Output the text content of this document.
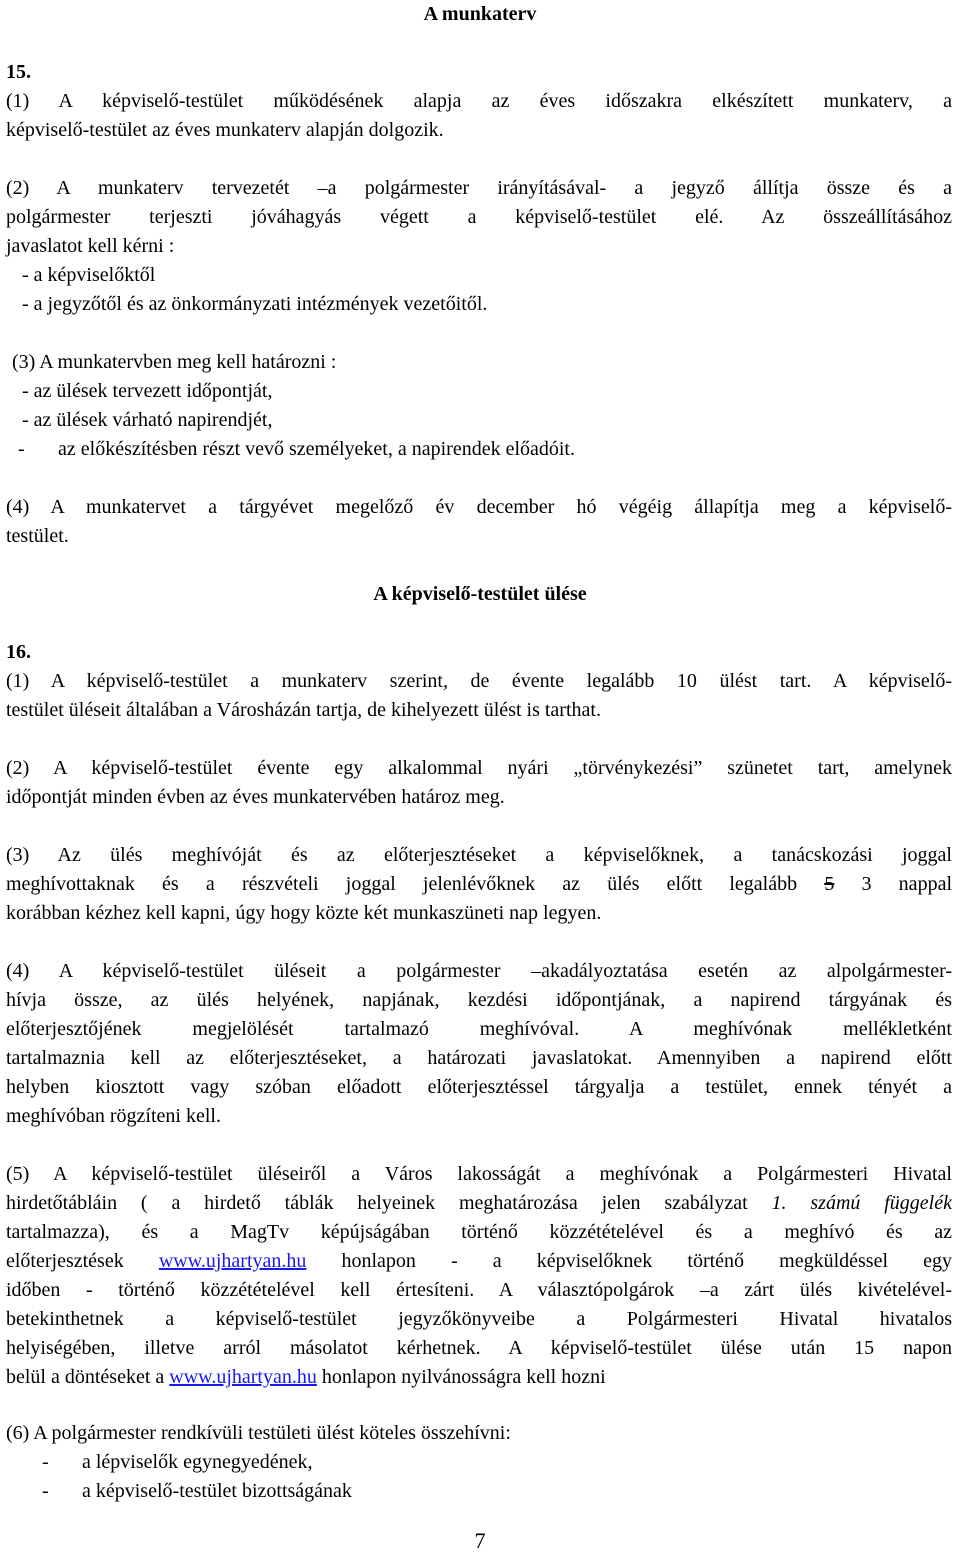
A munkaterv
15.
(1) A képviselő-testület működésének alapja az éves időszakra elkészített munkaterv, a
képviselő-testület az éves munkaterv alapján dolgozik.
(2) A munkaterv tervezetét –a polgármester irányításával- a jegyző állítja össze és a
polgármester terjeszti jóváhagyás végett a képviselő-testület elé. Az összeállításához
javaslatot kell kérni :
- a képviselőktől
- a jegyzőtől és az önkormányzati intézmények vezetőitől.
(3) A munkatervben meg kell határozni :
- az ülések tervezett időpontját,
- az ülések várható napirendjét,
- az előkészítésben részt vevő személyeket, a napirendek előadóit.
(4) A munkatervet a tárgyévet megelőző év december hó végéig állapítja meg a képviselő-
testület.
A képviselő-testület ülése
16.
(1) A képviselő-testület a munkaterv szerint, de évente legalább 10 ülést tart. A képviselő-
testület üléseit általában a Városházán tartja, de kihelyezett ülést is tarthat.
(2) A képviselő-testület évente egy alkalommal nyári „törvénykezési” szünetet tart, amelynek
időpontját minden évben az éves munkatervében határoz meg.
(3) Az ülés meghívóját és az előterjesztéseket a képviselőknek, a tanácskozási joggal
meghívottaknak és a részvételi joggal jelenlévőknek az ülés előtt legalább 5 3 nappal
korábban kézhez kell kapni, úgy hogy közte két munkaszüneti nap legyen.
(4) A képviselő-testület üléseit a polgármester –akadályoztatása esetén az alpolgármester-
hívja össze, az ülés helyének, napjának, kezdési időpontjának, a napirend tárgyának és
előterjesztőjének megjelölését tartalmazó meghívóval. A meghívónak mellékletként
tartalmaznia kell az előterjesztéseket, a határozati javaslatokat. Amennyiben a napirend előtt
helyben kiosztott vagy szóban előadott előterjesztéssel tárgyalja a testület, ennek tényét a
meghívóban rögzíteni kell.
(5) A képviselő-testület üléseiről a Város lakosságát a meghívónak a Polgármesteri Hivatal
hirdetőtábláin ( a hirdető táblák helyeinek meghatározása jelen szabályzat 1. számú függelék
tartalmazza), és a MagTv képújságában történő közzétételével és a meghívó és az
előterjesztések www.ujhartyan.hu honlapon - a képviselőknek történő megküldéssel egy
időben - történő közzétételével kell értesíteni. A választópolgárok –a zárt ülés kivételével-
betekinthetnek a képviselő-testület jegyzőkönyveibe a Polgármesteri Hivatal hivatalos
helyiségében, illetve arról másolatot kérhetnek. A képviselő-testület ülése után 15 napon
belül a döntéseket a www.ujhartyan.hu honlapon nyilvánosságra kell hozni
(6) A polgármester rendkívüli testületi ülést köteles összehívni:
- a lépviselők egynegyedének,
- a képviselő-testület bizottságának
7
